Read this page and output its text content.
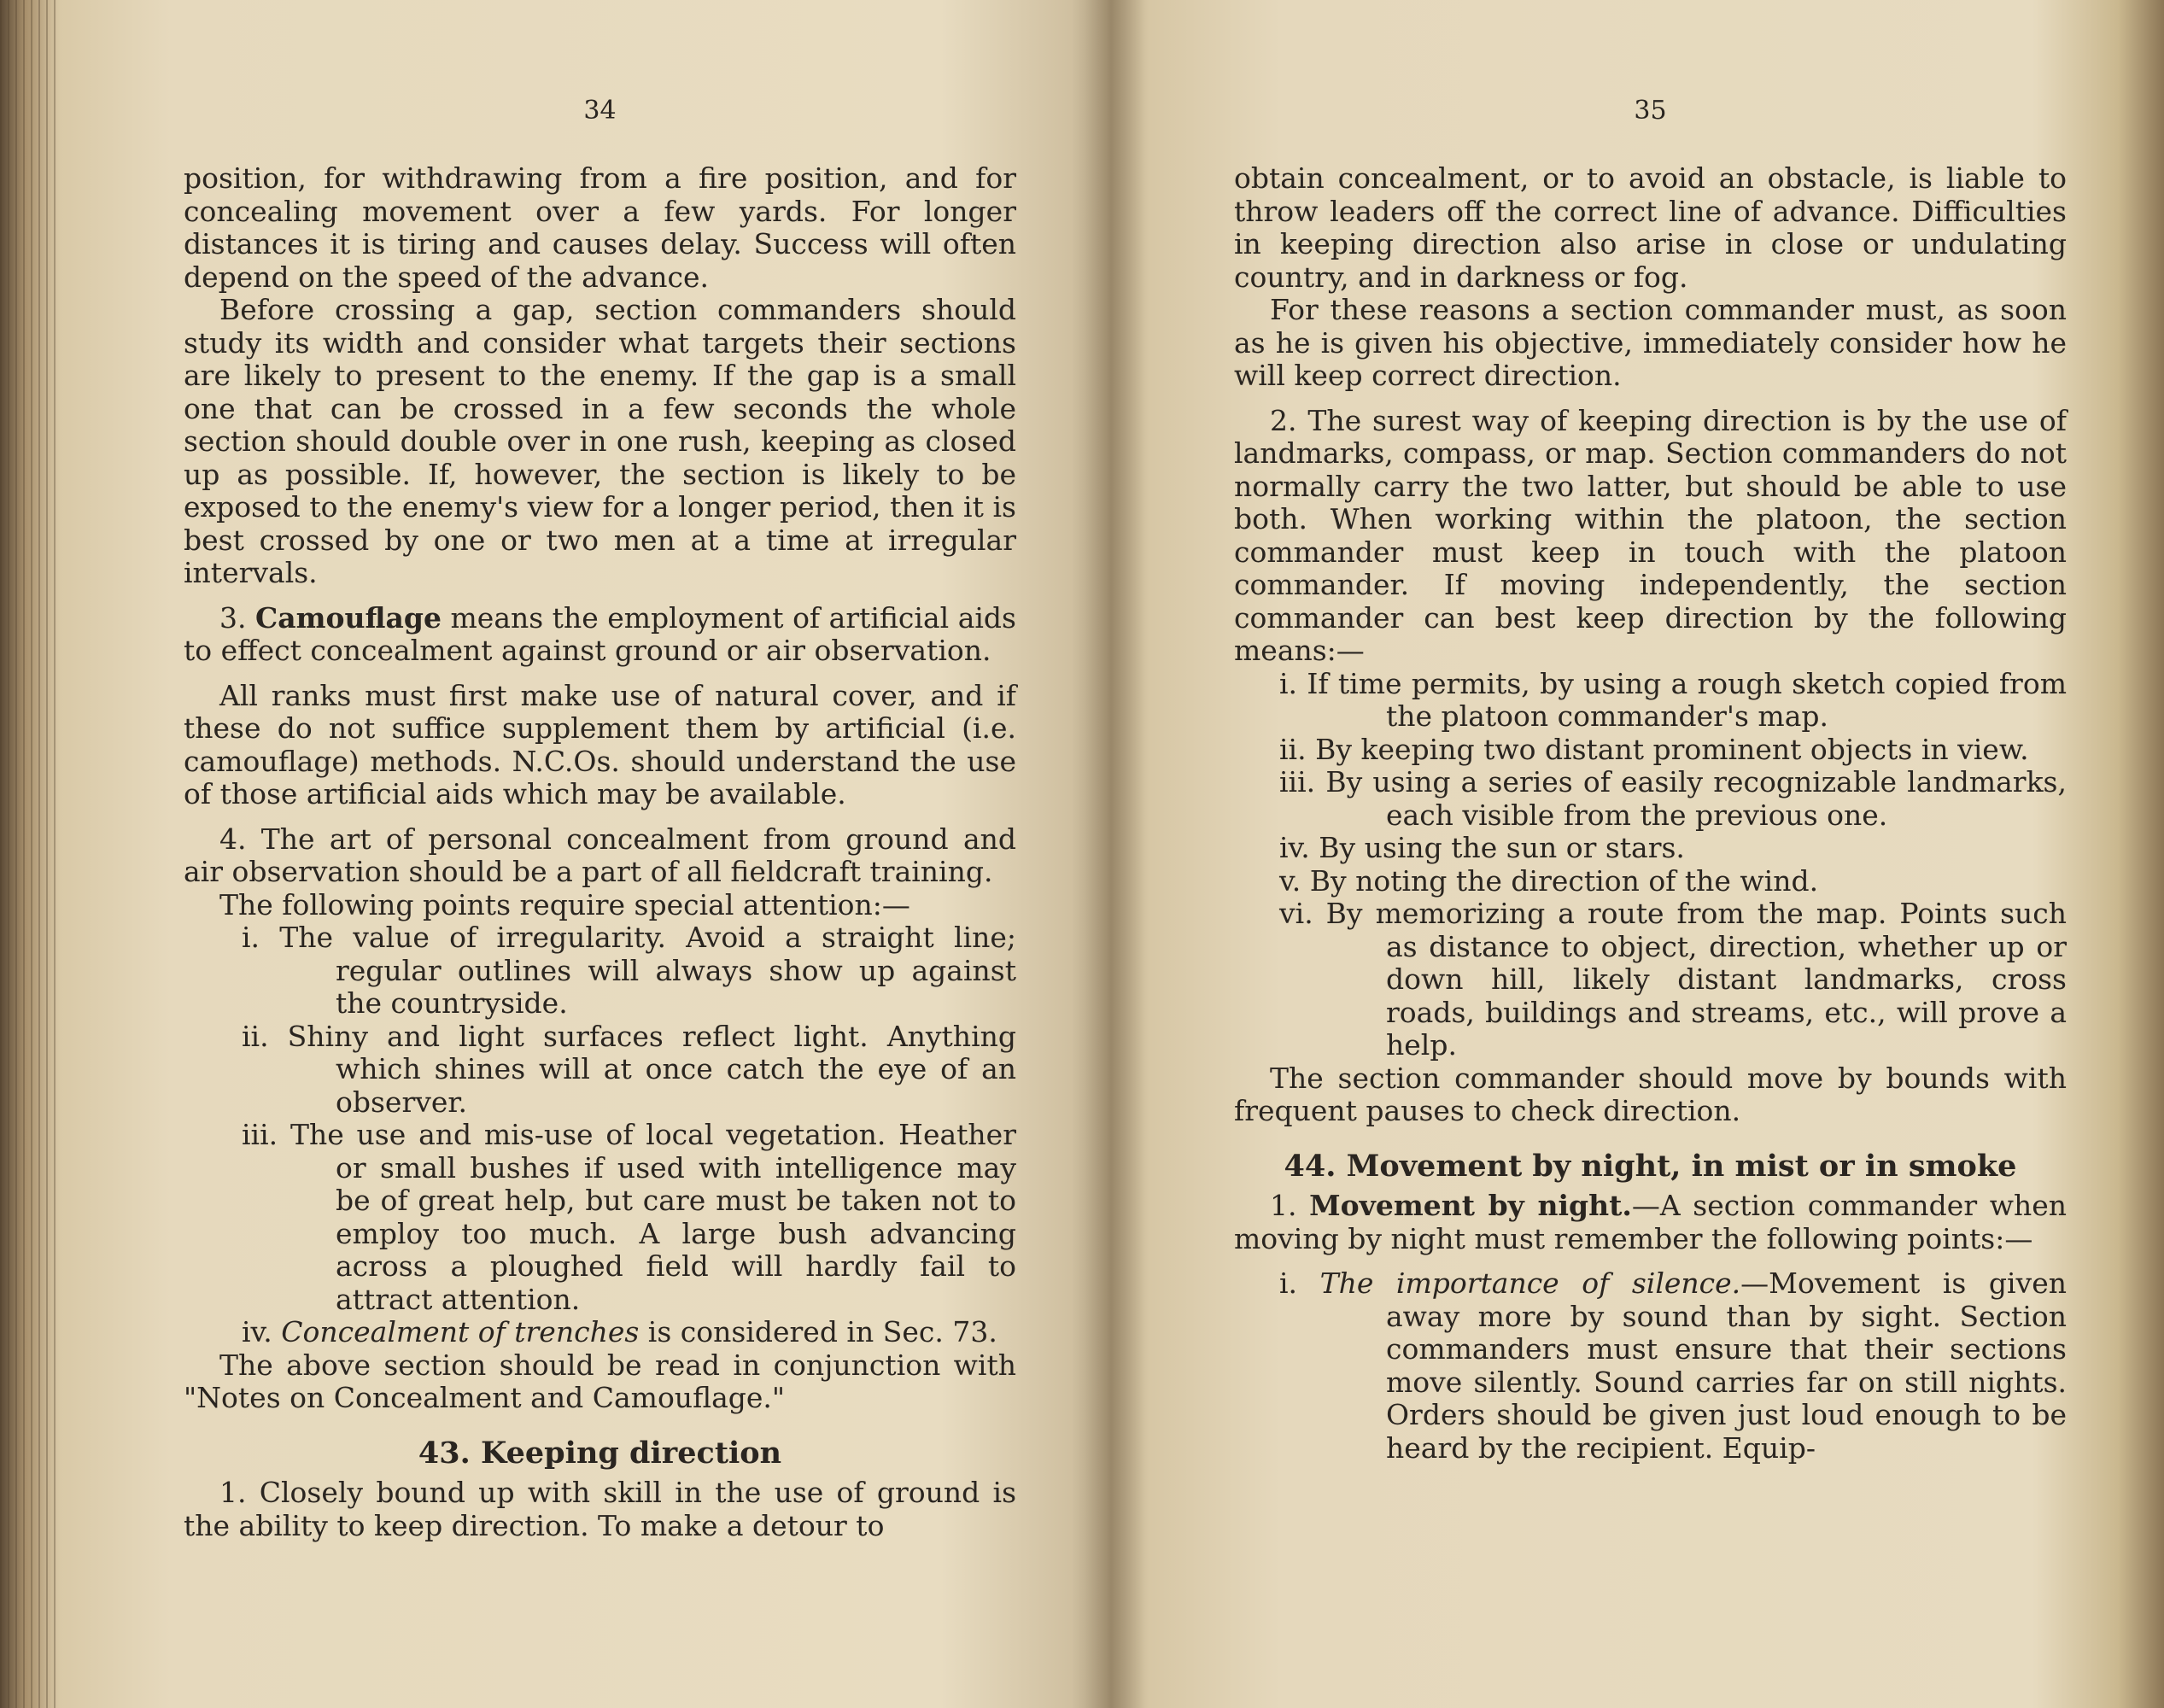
34

position, for withdrawing from a fire position, and for concealing movement over a few yards. For longer distances it is tiring and causes delay. Success will often depend on the speed of the advance.

Before crossing a gap, section commanders should study its width and consider what targets their sections are likely to present to the enemy. If the gap is a small one that can be crossed in a few seconds the whole section should double over in one rush, keeping as closed up as possible. If, however, the section is likely to be exposed to the enemy's view for a longer period, then it is best crossed by one or two men at a time at irregular intervals.

3. Camouflage means the employment of artificial aids to effect concealment against ground or air observation.

All ranks must first make use of natural cover, and if these do not suffice supplement them by artificial (i.e. camouflage) methods. N.C.Os. should understand the use of those artificial aids which may be available.

4. The art of personal concealment from ground and air observation should be a part of all fieldcraft training.

The following points require special attention:—

i. The value of irregularity. Avoid a straight line; regular outlines will always show up against the countryside.

ii. Shiny and light surfaces reflect light. Anything which shines will at once catch the eye of an observer.

iii. The use and mis-use of local vegetation. Heather or small bushes if used with intelligence may be of great help, but care must be taken not to employ too much. A large bush advancing across a ploughed field will hardly fail to attract attention.

iv. Concealment of trenches is considered in Sec. 73.

The above section should be read in conjunction with "Notes on Concealment and Camouflage."

43. Keeping direction

1. Closely bound up with skill in the use of ground is the ability to keep direction. To make a detour to

35

obtain concealment, or to avoid an obstacle, is liable to throw leaders off the correct line of advance. Difficulties in keeping direction also arise in close or undulating country, and in darkness or fog.

For these reasons a section commander must, as soon as he is given his objective, immediately consider how he will keep correct direction.

2. The surest way of keeping direction is by the use of landmarks, compass, or map. Section commanders do not normally carry the two latter, but should be able to use both. When working within the platoon, the section commander must keep in touch with the platoon commander. If moving independently, the section commander can best keep direction by the following means:—

i. If time permits, by using a rough sketch copied from the platoon commander's map.

ii. By keeping two distant prominent objects in view.

iii. By using a series of easily recognizable landmarks, each visible from the previous one.

iv. By using the sun or stars.

v. By noting the direction of the wind.

vi. By memorizing a route from the map. Points such as distance to object, direction, whether up or down hill, likely distant landmarks, cross roads, buildings and streams, etc., will prove a help.

The section commander should move by bounds with frequent pauses to check direction.

44. Movement by night, in mist or in smoke

1. Movement by night.—A section commander when moving by night must remember the following points:—

i. The importance of silence.—Movement is given away more by sound than by sight. Section commanders must ensure that their sections move silently. Sound carries far on still nights. Orders should be given just loud enough to be heard by the recipient. Equip-
